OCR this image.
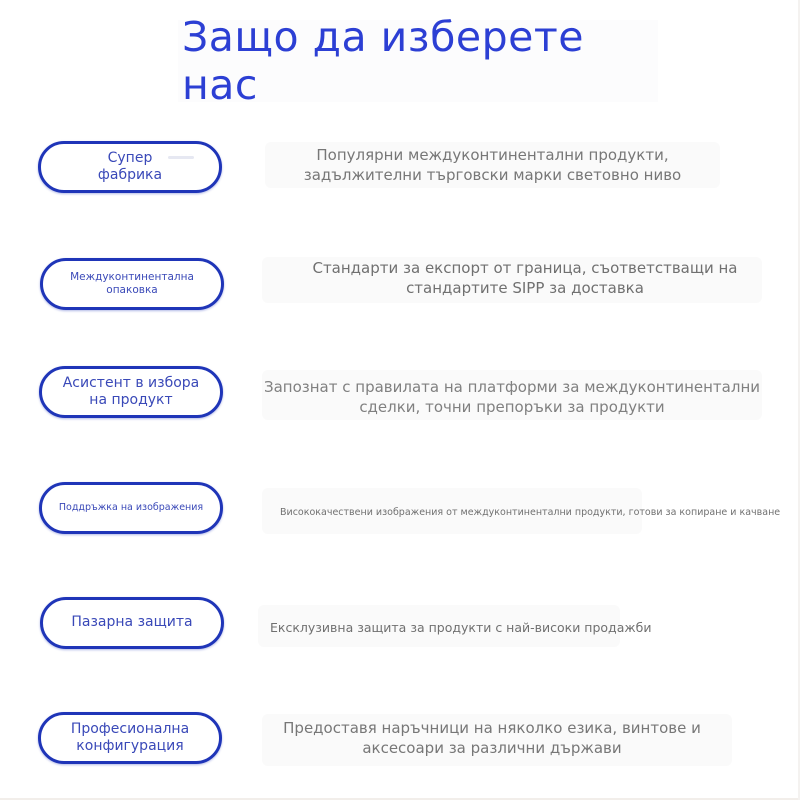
Защо да изберете нас
Супер
фабрика
Популярни междуконтинентални продукти,
задължителни търговски марки световно ниво
Междуконтинентална
опаковка
Стандарти за експорт от граница, съответстващи на
стандартите SIPP за доставка
Асистент в избора
на продукт
Запознат с правилата на платформи за междуконтинентални
сделки, точни препоръки за продукти
Поддръжка на изображения	Висококачествени изображения от междуконтинентални продукти, готови за копиране и качване
Пазарна защита	Ексклузивна защита за продукти с най-високи продажби
Професионална
конфигурация
Предоставя наръчници на няколко езика, винтове и
аксесоари за различни държави
